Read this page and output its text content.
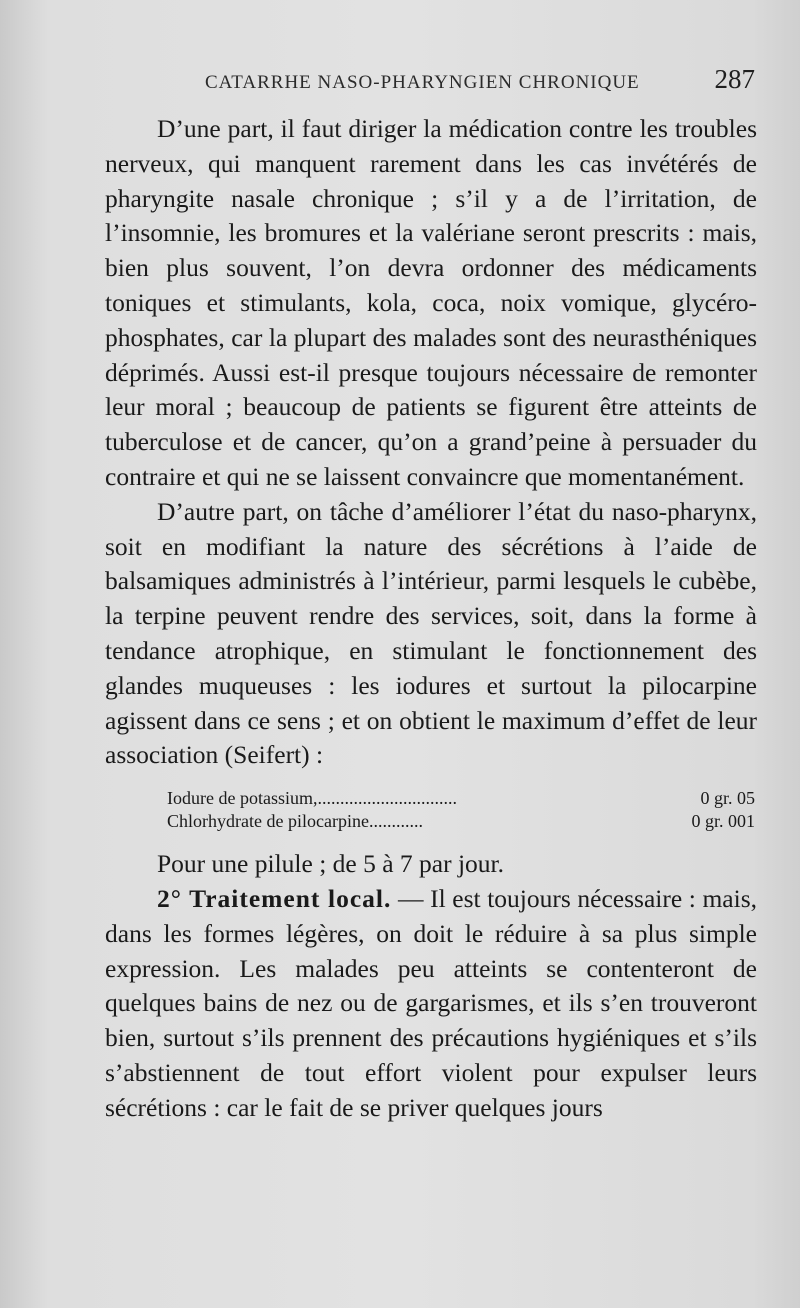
CATARRHE NASO-PHARYNGIEN CHRONIQUE	287

D’une part, il faut diriger la médication contre les troubles nerveux, qui manquent rarement dans les cas invétérés de pharyngite nasale chronique ; s’il y a de l’irritation, de l’insomnie, les bromures et la valériane seront prescrits : mais, bien plus souvent, l’on devra ordonner des médicaments toniques et stimulants, kola, coca, noix vomique, glycéro-phosphates, car la plupart des malades sont des neurasthéniques déprimés. Aussi est-il presque toujours nécessaire de remonter leur moral ; beaucoup de patients se figurent être atteints de tuberculose et de cancer, qu’on a grand’peine à persuader du contraire et qui ne se laissent convaincre que momentanément.

D’autre part, on tâche d’améliorer l’état du naso-pharynx, soit en modifiant la nature des sécrétions à l’aide de balsamiques administrés à l’intérieur, parmi lesquels le cubèbe, la terpine peuvent rendre des services, soit, dans la forme à tendance atrophique, en stimulant le fonctionnement des glandes muqueuses : les iodures et surtout la pilocarpine agissent dans ce sens ; et on obtient le maximum d’effet de leur association (Seifert) :

Iodure de potassium,...............................	0 gr. 05
Chlorhydrate de pilocarpine............	0 gr. 001

Pour une pilule ; de 5 à 7 par jour.

2° Traitement local. — Il est toujours nécessaire : mais, dans les formes légères, on doit le réduire à sa plus simple expression. Les malades peu atteints se contenteront de quelques bains de nez ou de gargarismes, et ils s’en trouveront bien, surtout s’ils prennent des précautions hygiéniques et s’ils s’abstiennent de tout effort violent pour expulser leurs sécrétions : car le fait de se priver quelques jours
